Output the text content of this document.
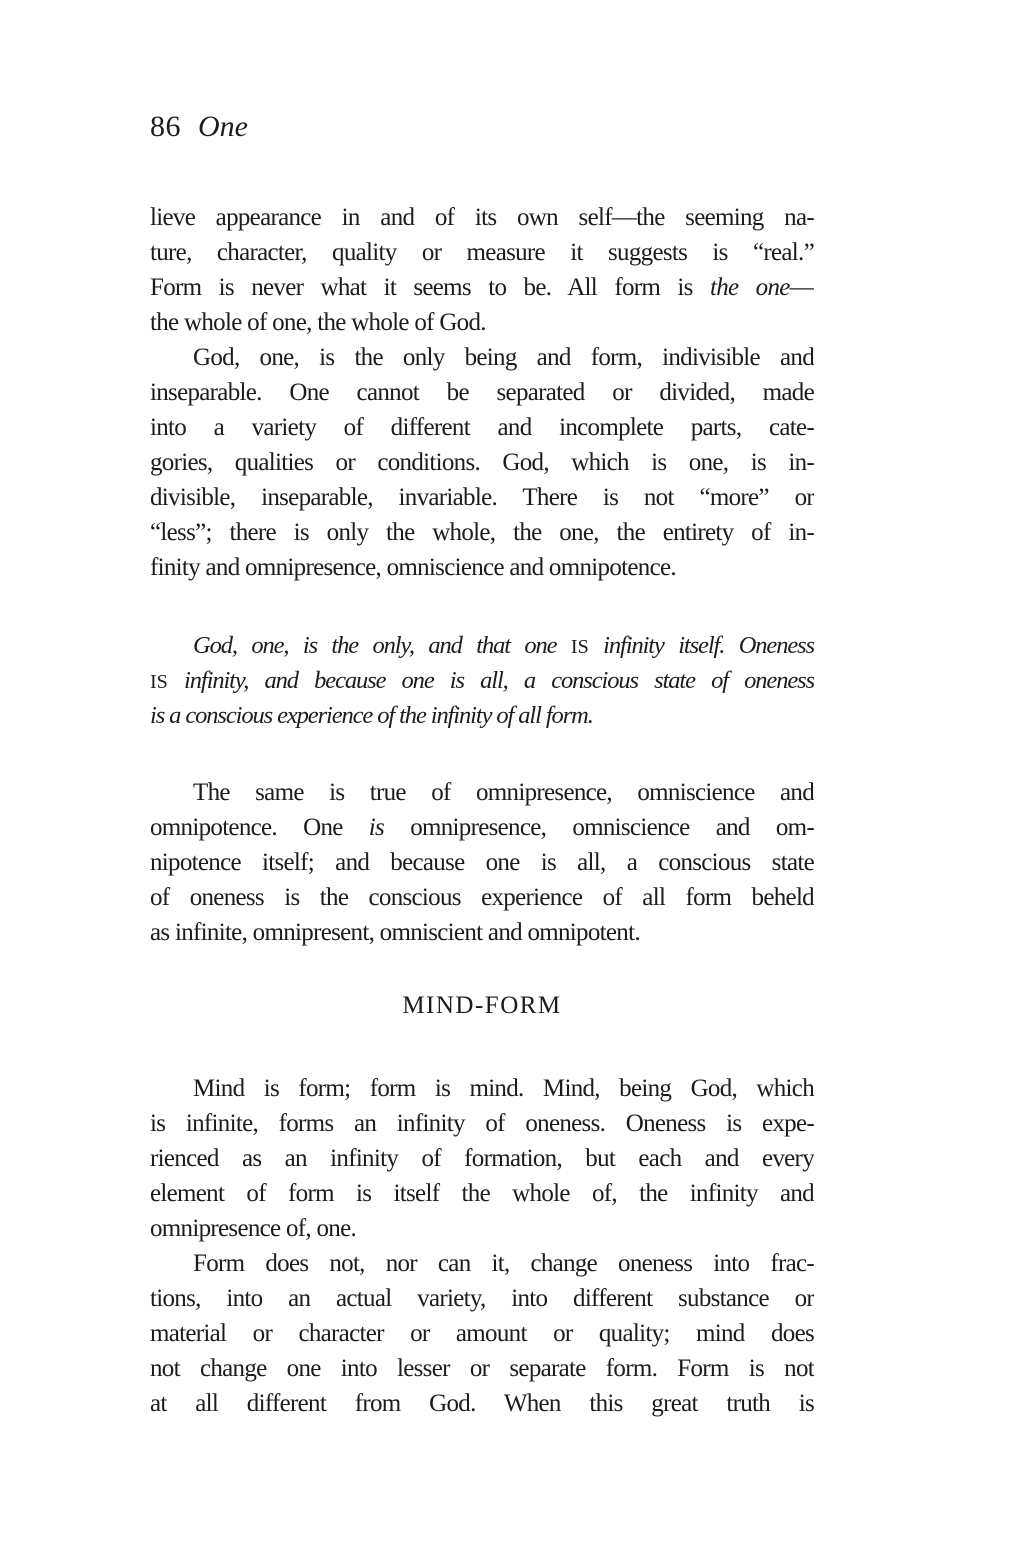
86 One
lieve appearance in and of its own self—the seeming na-
ture, character, quality or measure it suggests is “real.”
Form is never what it seems to be. All form is the one—
the whole of one, the whole of God.
God, one, is the only being and form, indivisible and
inseparable. One cannot be separated or divided, made
into a variety of different and incomplete parts, cate-
gories, qualities or conditions. God, which is one, is in-
divisible, inseparable, invariable. There is not “more” or
“less”; there is only the whole, the one, the entirety of in-
finity and omnipresence, omniscience and omnipotence.
God, one, is the only, and that one IS infinity itself. Oneness
IS infinity, and because one is all, a conscious state of oneness
is a conscious experience of the infinity of all form.
The same is true of omnipresence, omniscience and
omnipotence. One is omnipresence, omniscience and om-
nipotence itself; and because one is all, a conscious state
of oneness is the conscious experience of all form beheld
as infinite, omnipresent, omniscient and omnipotent.
MIND-FORM
Mind is form; form is mind. Mind, being God, which
is infinite, forms an infinity of oneness. Oneness is expe-
rienced as an infinity of formation, but each and every
element of form is itself the whole of, the infinity and
omnipresence of, one.
Form does not, nor can it, change oneness into frac-
tions, into an actual variety, into different substance or
material or character or amount or quality; mind does
not change one into lesser or separate form. Form is not
at all different from God. When this great truth is
